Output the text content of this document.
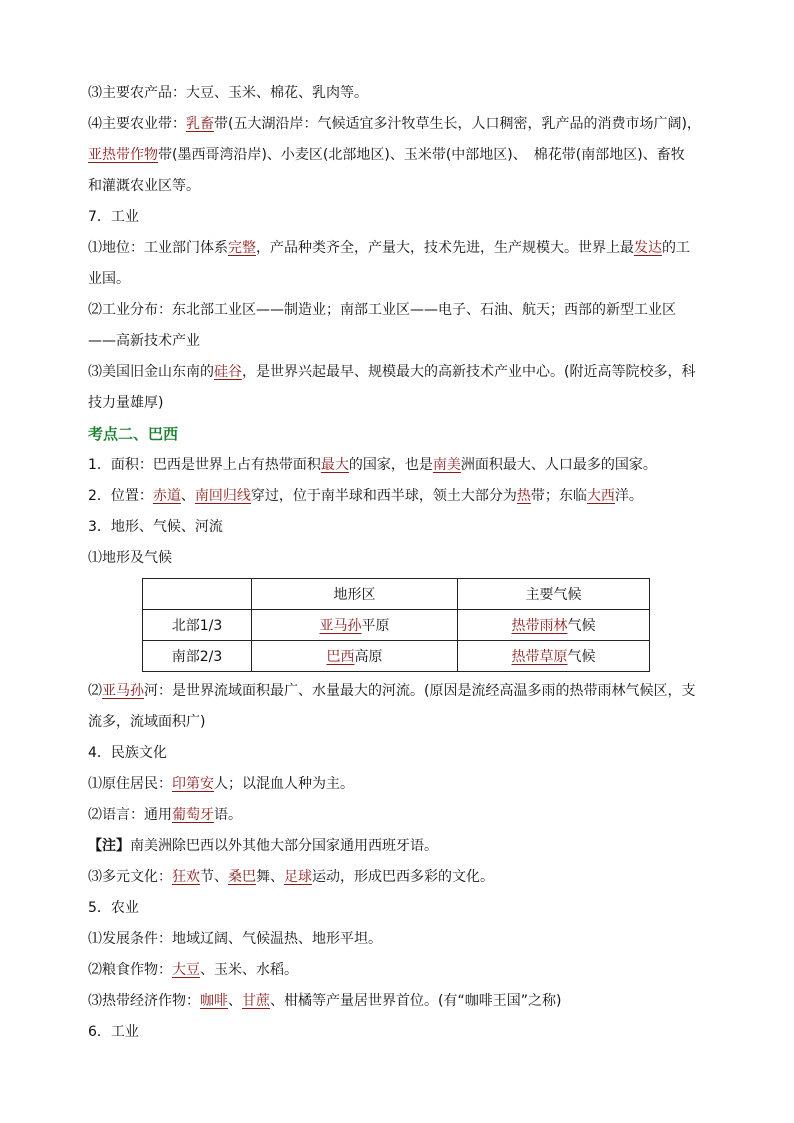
⑶主要农产品：大豆、玉米、棉花、乳肉等。
⑷主要农业带：乳畜带(五大湖沿岸：气候适宜多汁牧草生长，人口稠密，乳产品的消费市场广阔)，
亚热带作物带(墨西哥湾沿岸)、小麦区(北部地区)、玉米带(中部地区)、　棉花带(南部地区)、畜牧
和灌溉农业区等。
7．工业
⑴地位：工业部门体系完整，产品种类齐全，产量大，技术先进，生产规模大。世界上最发达的工
业国。
⑵工业分布：东北部工业区——制造业；南部工业区——电子、石油、航天；西部的新型工业区
——高新技术产业
⑶美国旧金山东南的硅谷，是世界兴起最早、规模最大的高新技术产业中心。(附近高等院校多，科
技力量雄厚)
考点二、巴西
1．面积：巴西是世界上占有热带面积最大的国家，也是南美洲面积最大、人口最多的国家。
2．位置：赤道、南回归线穿过，位于南半球和西半球，领土大部分为热带；东临大西洋。
3．地形、气候、河流
⑴地形及气候
	地形区	主要气候
北部1/3	亚马孙平原	热带雨林气候
南部2/3	巴西高原	热带草原气候
⑵亚马孙河：是世界流域面积最广、水量最大的河流。(原因是流经高温多雨的热带雨林气候区，支
流多，流域面积广)
4．民族文化
⑴原住居民：印第安人；以混血人种为主。
⑵语言：通用葡萄牙语。
【注】南美洲除巴西以外其他大部分国家通用西班牙语。
⑶多元文化：狂欢节、桑巴舞、足球运动，形成巴西多彩的文化。
5．农业
⑴发展条件：地域辽阔、气候温热、地形平坦。
⑵粮食作物：大豆、玉米、水稻。
⑶热带经济作物：咖啡、甘蔗、柑橘等产量居世界首位。(有“咖啡王国”之称)
6．工业
